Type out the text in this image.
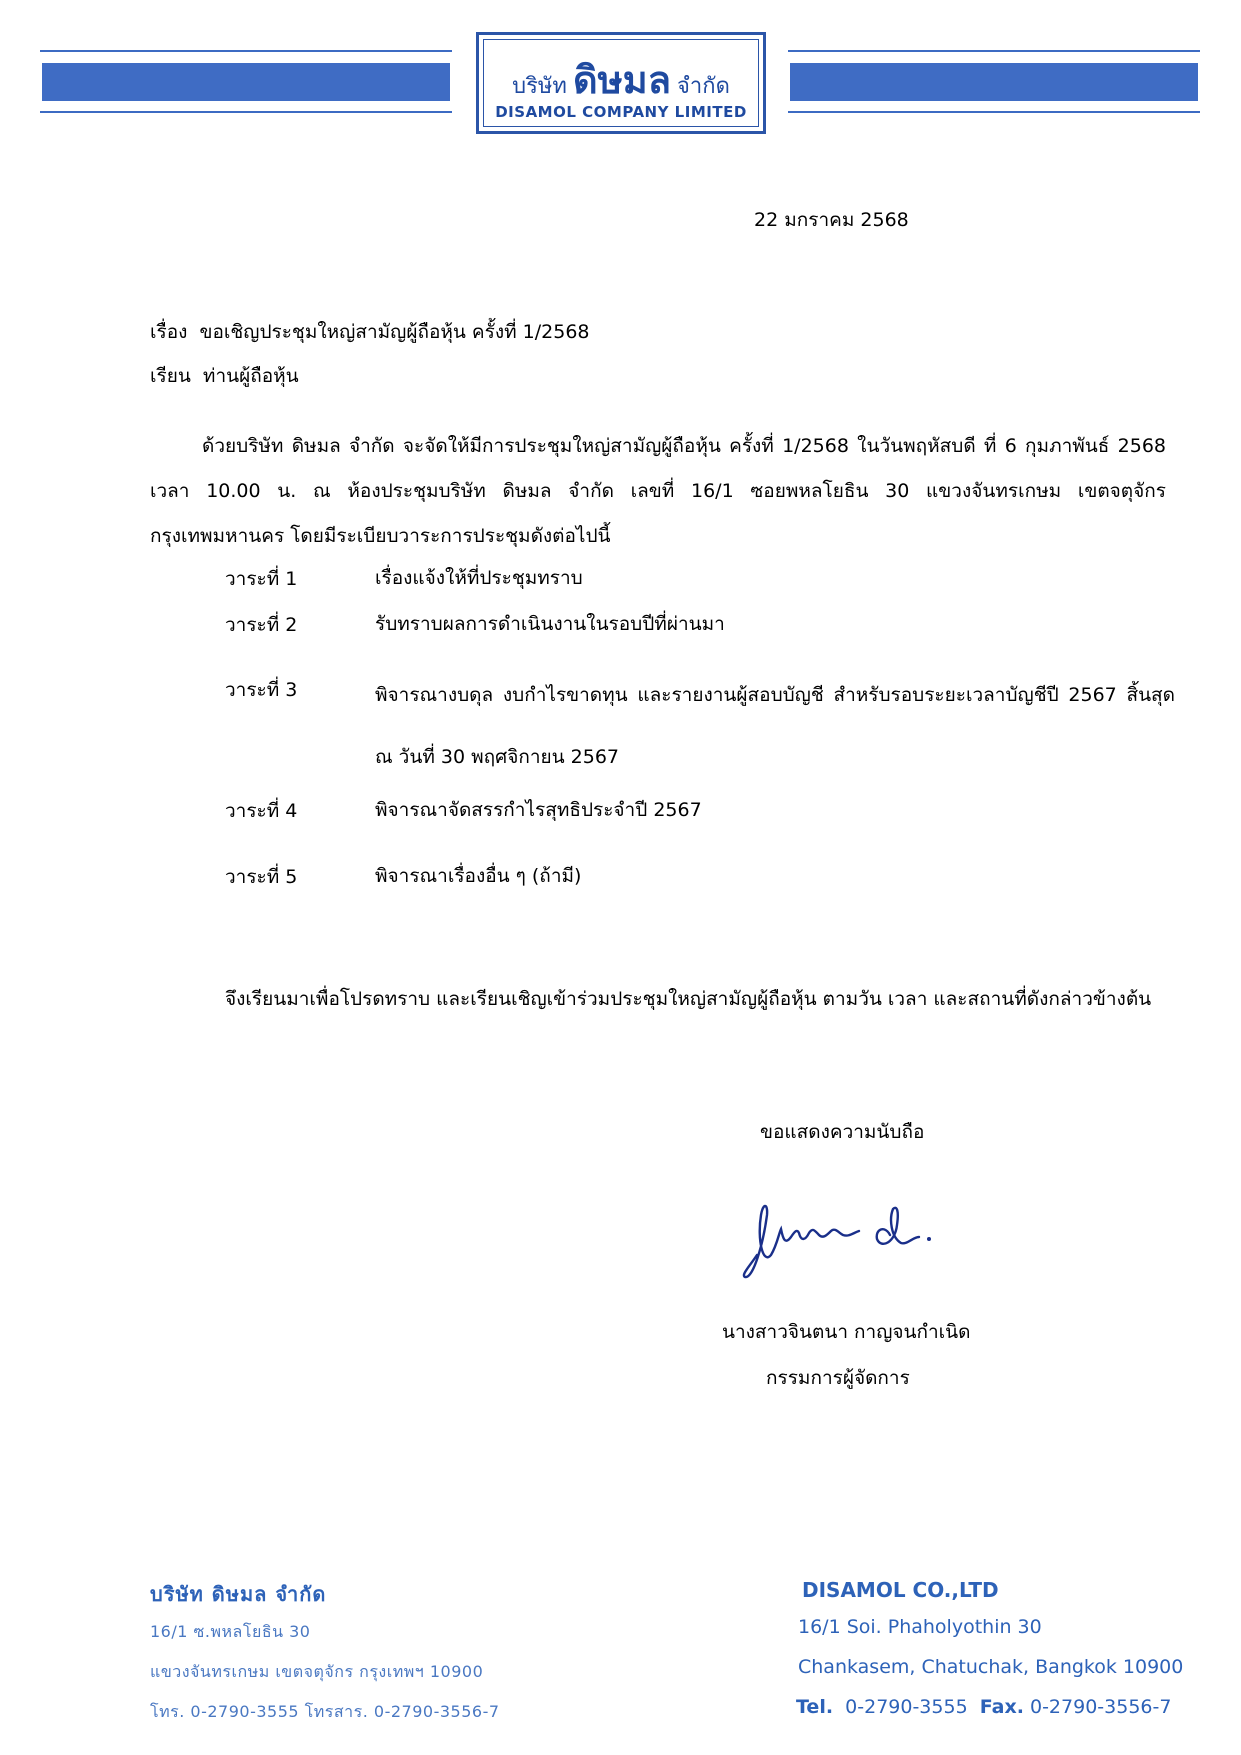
บริษัท ดิษมล จำกัด
DISAMOL COMPANY LIMITED
22 มกราคม 2568
เรื่อง ขอเชิญประชุมใหญ่สามัญผู้ถือหุ้น ครั้งที่ 1/2568
เรียน ท่านผู้ถือหุ้น
ด้วยบริษัท ดิษมล จำกัด จะจัดให้มีการประชุมใหญ่สามัญผู้ถือหุ้น ครั้งที่ 1/2568 ในวันพฤหัสบดี ที่ 6 กุมภาพันธ์ 2568 เวลา 10.00 น. ณ ห้องประชุมบริษัท ดิษมล จำกัด เลขที่ 16/1 ซอยพหลโยธิน 30 แขวงจันทรเกษม เขตจตุจักร กรุงเทพมหานคร โดยมีระเบียบวาระการประชุมดังต่อไปนี้
วาระที่ 1	เรื่องแจ้งให้ที่ประชุมทราบ
วาระที่ 2	รับทราบผลการดำเนินงานในรอบปีที่ผ่านมา
วาระที่ 3	พิจารณางบดุล งบกำไรขาดทุน และรายงานผู้สอบบัญชี สำหรับรอบระยะเวลาบัญชีปี 2567 สิ้นสุด ณ วันที่ 30 พฤศจิกายน 2567
วาระที่ 4	พิจารณาจัดสรรกำไรสุทธิประจำปี 2567
วาระที่ 5	พิจารณาเรื่องอื่น ๆ (ถ้ามี)
จึงเรียนมาเพื่อโปรดทราบ และเรียนเชิญเข้าร่วมประชุมใหญ่สามัญผู้ถือหุ้น ตามวัน เวลา และสถานที่ดังกล่าวข้างต้น
ขอแสดงความนับถือ
นางสาวจินตนา กาญจนกำเนิด
กรรมการผู้จัดการ
บริษัท ดิษมล จำกัด
16/1 ซ.พหลโยธิน 30
แขวงจันทรเกษม เขตจตุจักร กรุงเทพฯ 10900
โทร. 0-2790-3555 โทรสาร. 0-2790-3556-7
DISAMOL CO.,LTD
16/1 Soi. Phaholyothin 30
Chankasem, Chatuchak, Bangkok 10900
Tel. 0-2790-3555 Fax. 0-2790-3556-7
